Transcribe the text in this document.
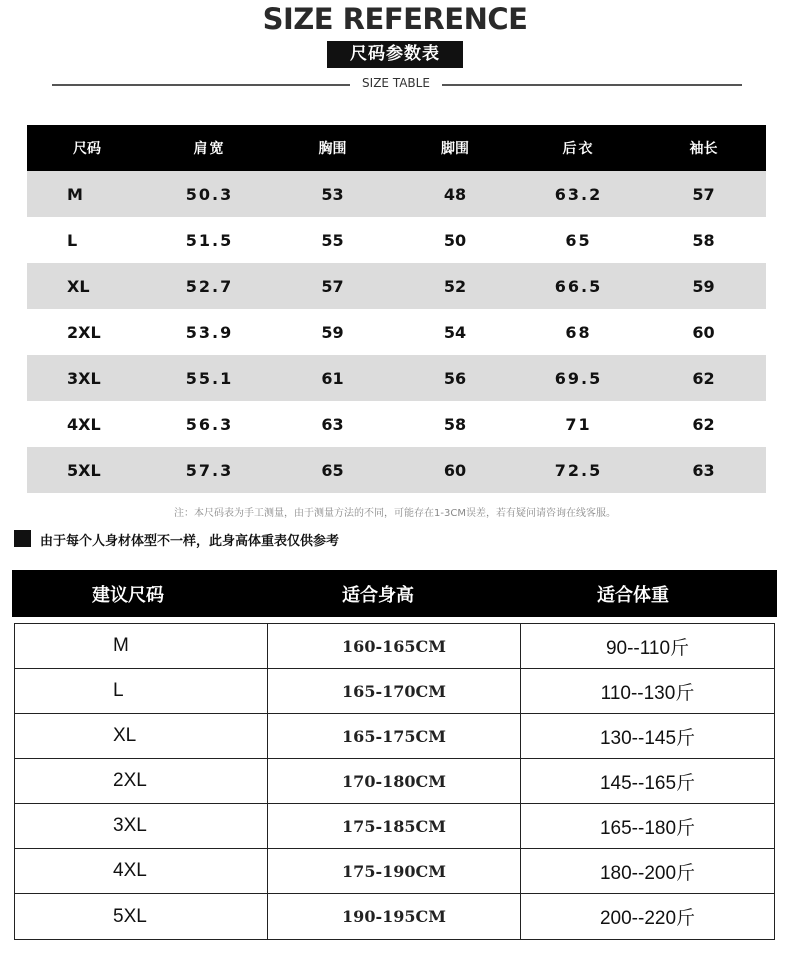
SIZE REFERENCE
尺码参数表
SIZE TABLE
尺码	肩宽	胸围	脚围	后衣	袖长
M	50.3	53	48	63.2	57
L	51.5	55	50	65	58
XL	52.7	57	52	66.5	59
2XL	53.9	59	54	68	60
3XL	55.1	61	56	69.5	62
4XL	56.3	63	58	71	62
5XL	57.3	65	60	72.5	63
注：本尺码表为手工测量，由于测量方法的不同，可能存在1-3CM误差，若有疑问请咨询在线客服。
由于每个人身材体型不一样，此身高体重表仅供参考
建议尺码	适合身高	适合体重
M	160-165CM	90--110斤
L	165-170CM	110--130斤
XL	165-175CM	130--145斤
2XL	170-180CM	145--165斤
3XL	175-185CM	165--180斤
4XL	175-190CM	180--200斤
5XL	190-195CM	200--220斤
